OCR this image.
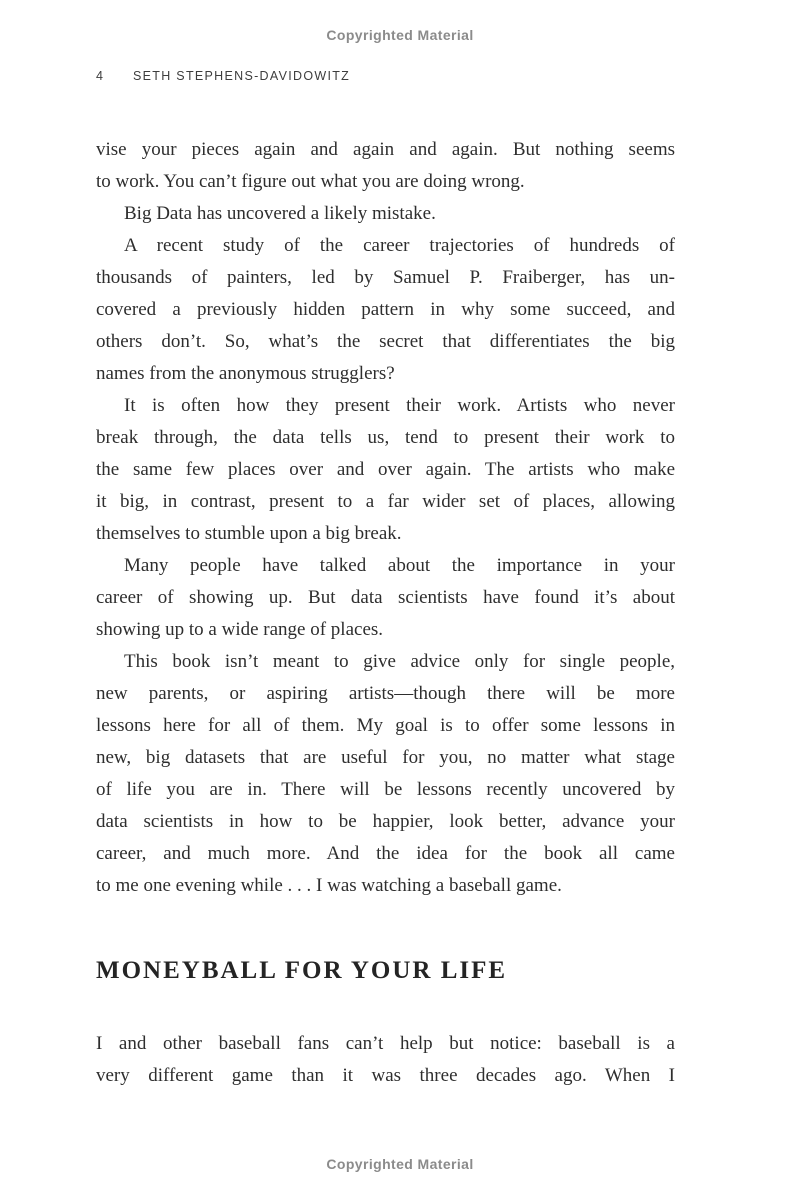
Copyrighted Material
4 SETH STEPHENS-DAVIDOWITZ
vise your pieces again and again and again. But nothing seems
to work. You can’t figure out what you are doing wrong.
Big Data has uncovered a likely mistake.
A recent study of the career trajectories of hundreds of
thousands of painters, led by Samuel P. Fraiberger, has un-
covered a previously hidden pattern in why some succeed, and
others don’t. So, what’s the secret that differentiates the big
names from the anonymous strugglers?
It is often how they present their work. Artists who never
break through, the data tells us, tend to present their work to
the same few places over and over again. The artists who make
it big, in contrast, present to a far wider set of places, allowing
themselves to stumble upon a big break.
Many people have talked about the importance in your
career of showing up. But data scientists have found it’s about
showing up to a wide range of places.
This book isn’t meant to give advice only for single people,
new parents, or aspiring artists—though there will be more
lessons here for all of them. My goal is to offer some lessons in
new, big datasets that are useful for you, no matter what stage
of life you are in. There will be lessons recently uncovered by
data scientists in how to be happier, look better, advance your
career, and much more. And the idea for the book all came
to me one evening while . . . I was watching a baseball game.
MONEYBALL FOR YOUR LIFE
I and other baseball fans can’t help but notice: baseball is a
very different game than it was three decades ago. When I
Copyrighted Material
